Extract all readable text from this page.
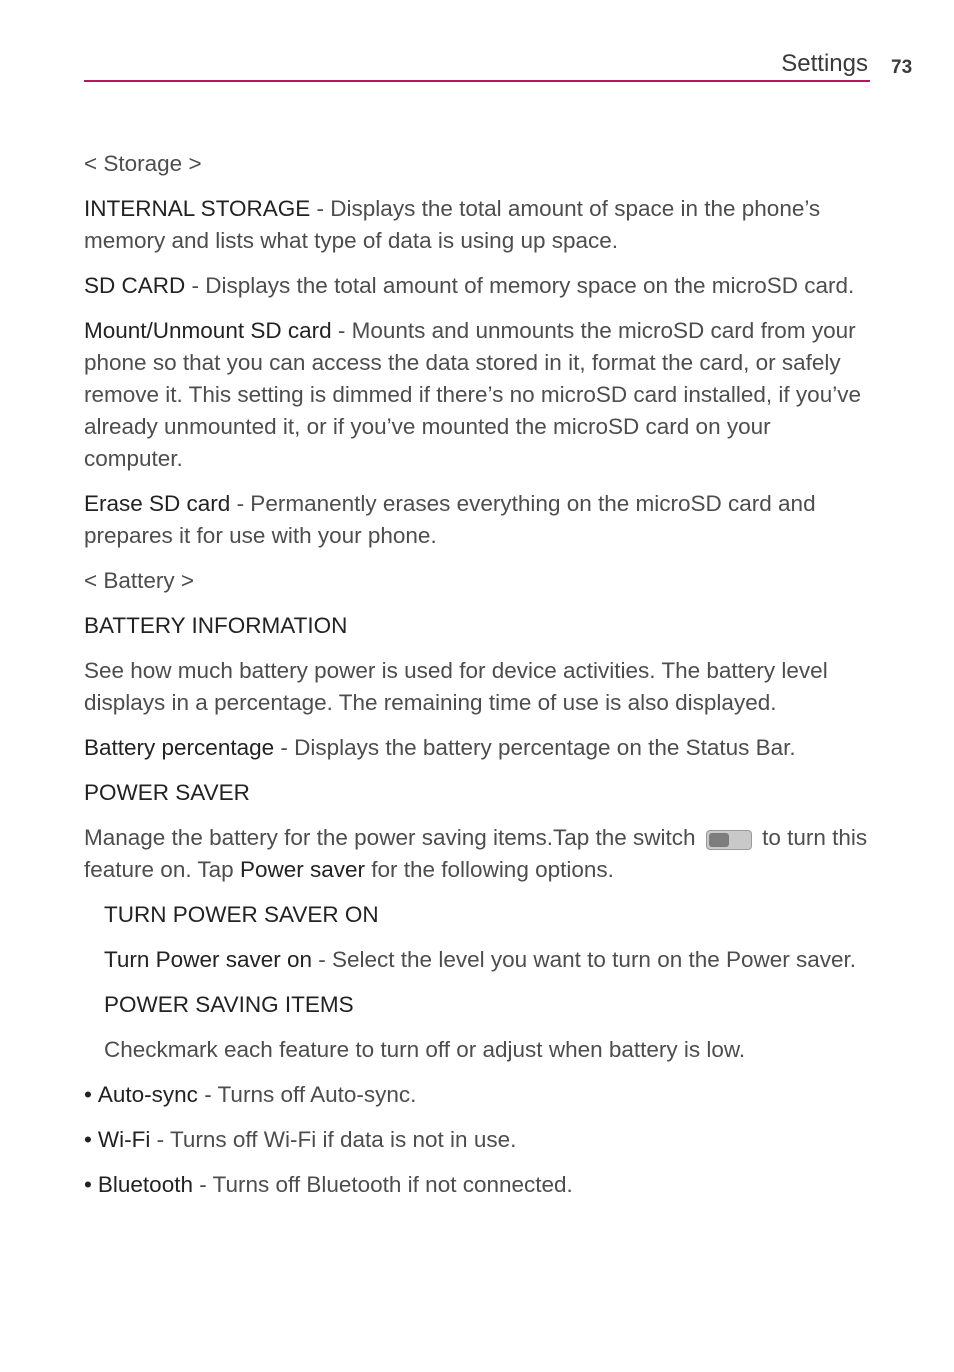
Settings 73

< Storage >

INTERNAL STORAGE - Displays the total amount of space in the phone’s memory and lists what type of data is using up space.

SD CARD - Displays the total amount of memory space on the microSD card.

Mount/Unmount SD card - Mounts and unmounts the microSD card from your phone so that you can access the data stored in it, format the card, or safely remove it. This setting is dimmed if there’s no microSD card installed, if you’ve already unmounted it, or if you’ve mounted the microSD card on your computer.

Erase SD card - Permanently erases everything on the microSD card and prepares it for use with your phone.

< Battery >

BATTERY INFORMATION

See how much battery power is used for device activities. The battery level displays in a percentage. The remaining time of use is also displayed.

Battery percentage - Displays the battery percentage on the Status Bar.

POWER SAVER

Manage the battery for the power saving items.Tap the switch
to turn this feature on. Tap Power saver for the following options.

TURN POWER SAVER ON

Turn Power saver on - Select the level you want to turn on the Power saver.

POWER SAVING ITEMS

Checkmark each feature to turn off or adjust when battery is low.

• Auto-sync - Turns off Auto-sync.

• Wi-Fi - Turns off Wi-Fi if data is not in use.

• Bluetooth - Turns off Bluetooth if not connected.
